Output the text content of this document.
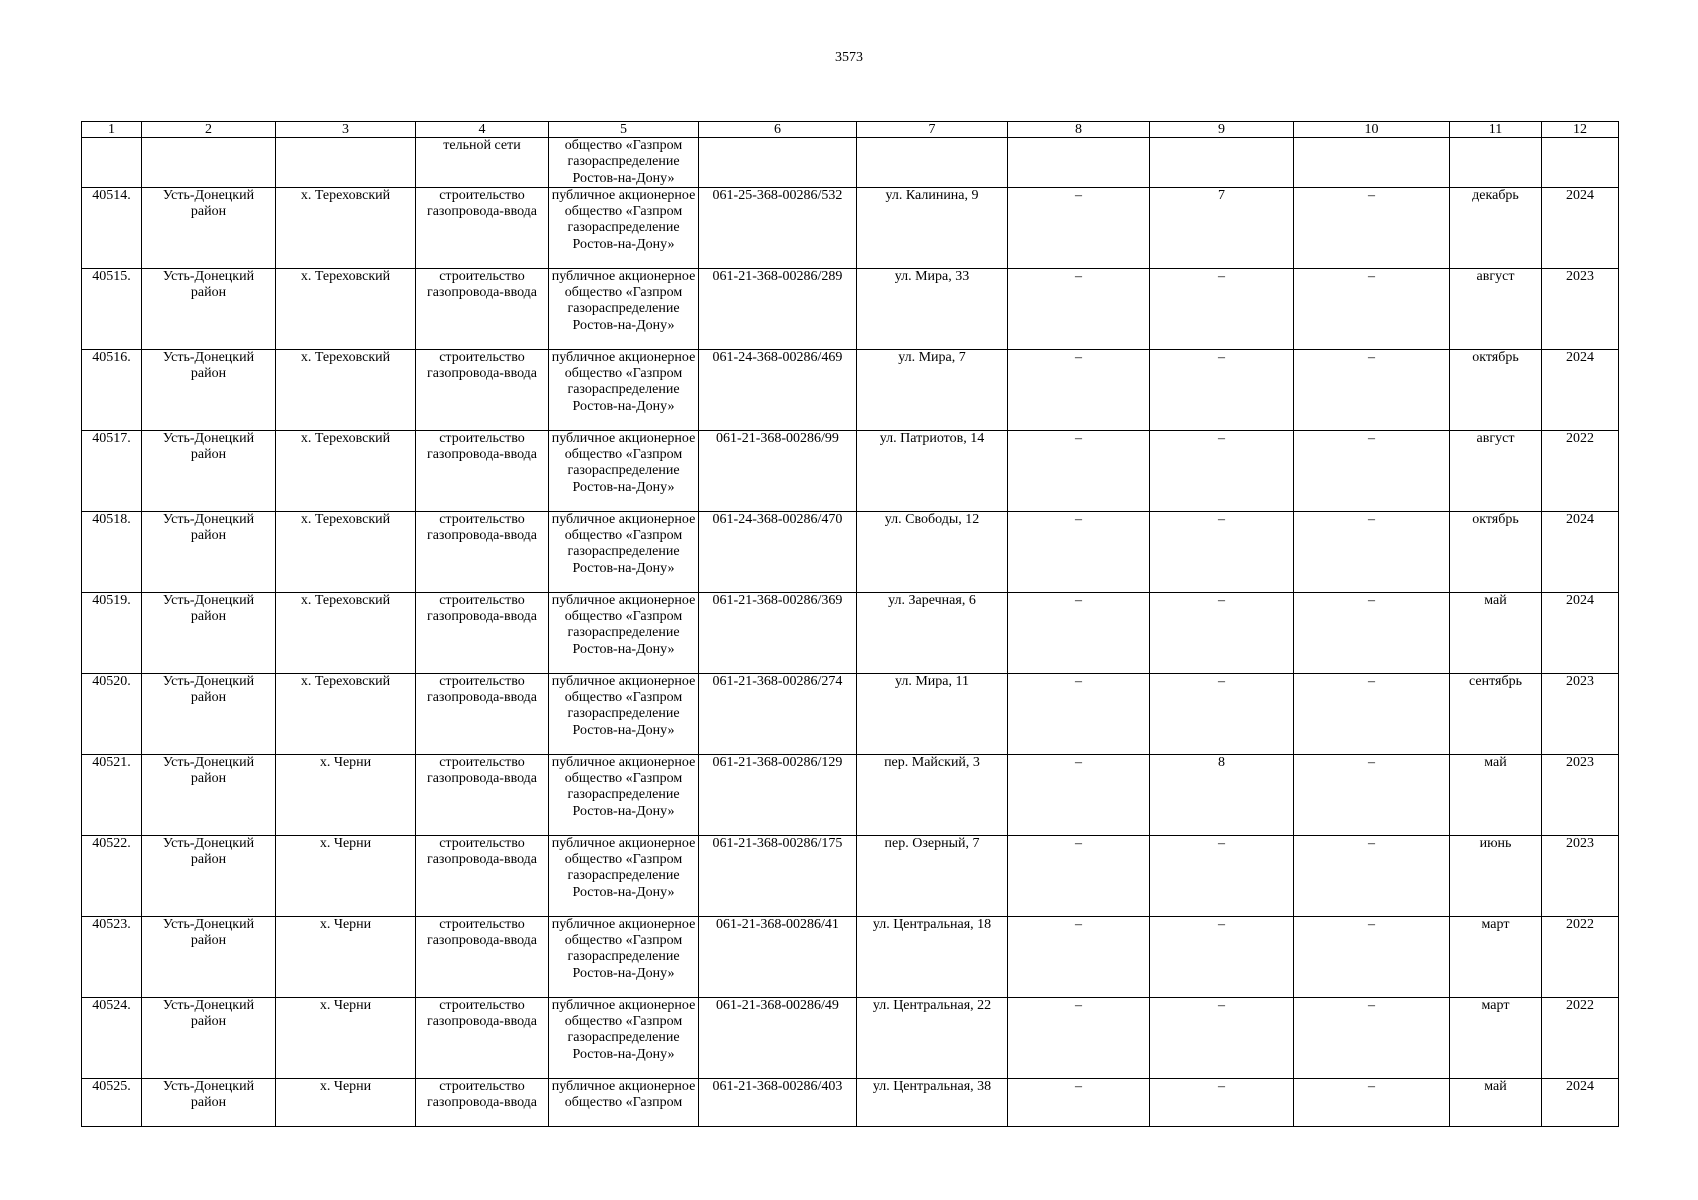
3573
1	2	3	4	5	6	7	8	9	10	11	12
			тельной сети	общество «Газпром газораспределение Ростов-на-Дону»							
40514.	Усть-Донецкий район	х. Тереховский	строительство газопровода-ввода	публичное акционерное общество «Газпром газораспределение Ростов-на-Дону»	061-25-368-00286/532	ул. Калинина, 9	–	7	–	декабрь	2024
40515.	Усть-Донецкий район	х. Тереховский	строительство газопровода-ввода	публичное акционерное общество «Газпром газораспределение Ростов-на-Дону»	061-21-368-00286/289	ул. Мира, 33	–	–	–	август	2023
40516.	Усть-Донецкий район	х. Тереховский	строительство газопровода-ввода	публичное акционерное общество «Газпром газораспределение Ростов-на-Дону»	061-24-368-00286/469	ул. Мира, 7	–	–	–	октябрь	2024
40517.	Усть-Донецкий район	х. Тереховский	строительство газопровода-ввода	публичное акционерное общество «Газпром газораспределение Ростов-на-Дону»	061-21-368-00286/99	ул. Патриотов, 14	–	–	–	август	2022
40518.	Усть-Донецкий район	х. Тереховский	строительство газопровода-ввода	публичное акционерное общество «Газпром газораспределение Ростов-на-Дону»	061-24-368-00286/470	ул. Свободы, 12	–	–	–	октябрь	2024
40519.	Усть-Донецкий район	х. Тереховский	строительство газопровода-ввода	публичное акционерное общество «Газпром газораспределение Ростов-на-Дону»	061-21-368-00286/369	ул. Заречная, 6	–	–	–	май	2024
40520.	Усть-Донецкий район	х. Тереховский	строительство газопровода-ввода	публичное акционерное общество «Газпром газораспределение Ростов-на-Дону»	061-21-368-00286/274	ул. Мира, 11	–	–	–	сентябрь	2023
40521.	Усть-Донецкий район	х. Черни	строительство газопровода-ввода	публичное акционерное общество «Газпром газораспределение Ростов-на-Дону»	061-21-368-00286/129	пер. Майский, 3	–	8	–	май	2023
40522.	Усть-Донецкий район	х. Черни	строительство газопровода-ввода	публичное акционерное общество «Газпром газораспределение Ростов-на-Дону»	061-21-368-00286/175	пер. Озерный, 7	–	–	–	июнь	2023
40523.	Усть-Донецкий район	х. Черни	строительство газопровода-ввода	публичное акционерное общество «Газпром газораспределение Ростов-на-Дону»	061-21-368-00286/41	ул. Центральная, 18	–	–	–	март	2022
40524.	Усть-Донецкий район	х. Черни	строительство газопровода-ввода	публичное акционерное общество «Газпром газораспределение Ростов-на-Дону»	061-21-368-00286/49	ул. Центральная, 22	–	–	–	март	2022
40525.	Усть-Донецкий район	х. Черни	строительство газопровода-ввода	публичное акционерное общество «Газпром	061-21-368-00286/403	ул. Центральная, 38	–	–	–	май	2024
